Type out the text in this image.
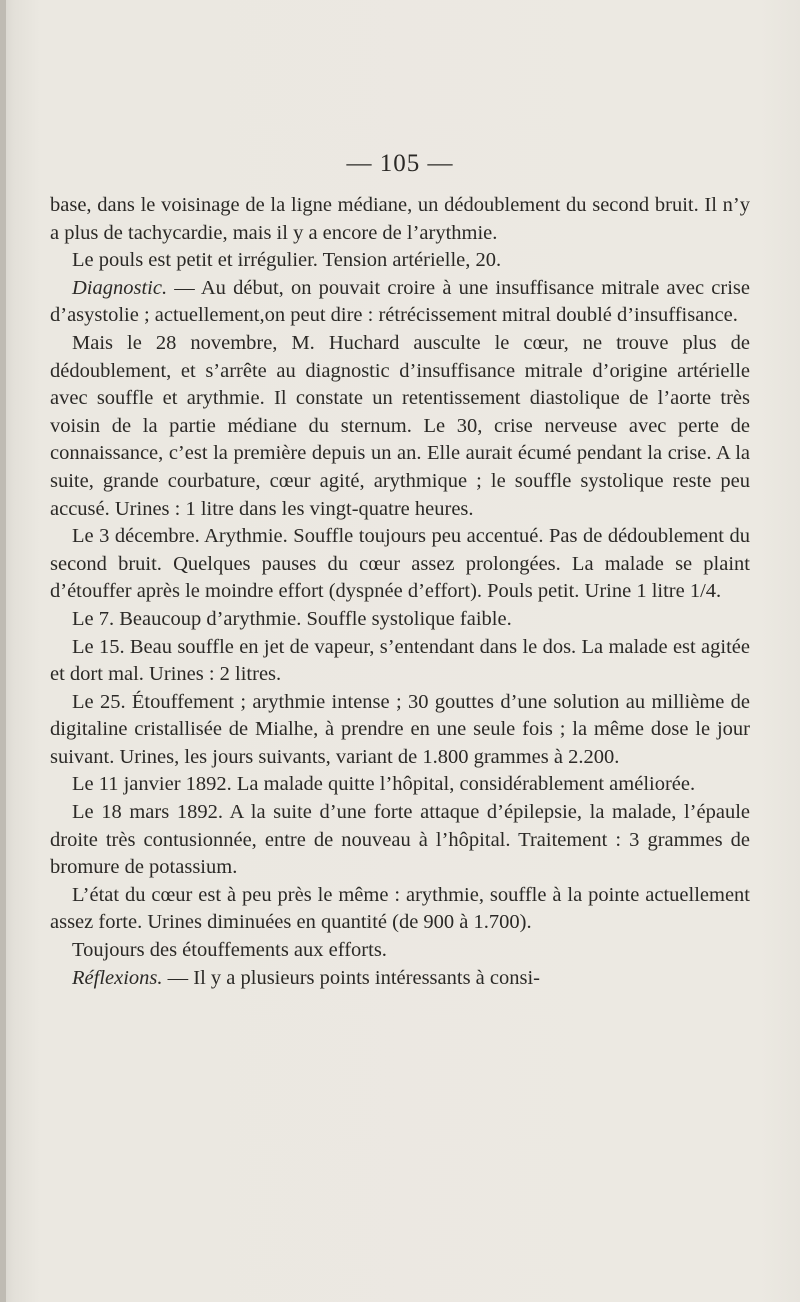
— 105 —

base, dans le voisinage de la ligne médiane, un dédoublement du second bruit. Il n’y a plus de tachycardie, mais il y a encore de l’arythmie.

Le pouls est petit et irrégulier. Tension artérielle, 20.

Diagnostic. — Au début, on pouvait croire à une insuffisance mitrale avec crise d’asystolie ; actuellement,on peut dire : rétrécissement mitral doublé d’insuffisance.

Mais le 28 novembre, M. Huchard ausculte le cœur, ne trouve plus de dédoublement, et s’arrête au diagnostic d’insuffisance mitrale d’origine artérielle avec souffle et arythmie. Il constate un retentissement diastolique de l’aorte très voisin de la partie médiane du sternum. Le 30, crise nerveuse avec perte de connaissance, c’est la première depuis un an. Elle aurait écumé pendant la crise. A la suite, grande courbature, cœur agité, arythmique ; le souffle systolique reste peu accusé. Urines : 1 litre dans les vingt-quatre heures.

Le 3 décembre. Arythmie. Souffle toujours peu accentué. Pas de dédoublement du second bruit. Quelques pauses du cœur assez prolongées. La malade se plaint d’étouffer après le moindre effort (dyspnée d’effort). Pouls petit. Urine 1 litre 1/4.

Le 7. Beaucoup d’arythmie. Souffle systolique faible.

Le 15. Beau souffle en jet de vapeur, s’entendant dans le dos. La malade est agitée et dort mal. Urines : 2 litres.

Le 25. Étouffement ; arythmie intense ; 30 gouttes d’une solution au millième de digitaline cristallisée de Mialhe, à prendre en une seule fois ; la même dose le jour suivant. Urines, les jours suivants, variant de 1.800 grammes à 2.200.

Le 11 janvier 1892. La malade quitte l’hôpital, considérablement améliorée.

Le 18 mars 1892. A la suite d’une forte attaque d’épilepsie, la malade, l’épaule droite très contusionnée, entre de nouveau à l’hôpital. Traitement : 3 grammes de bromure de potassium.

L’état du cœur est à peu près le même : arythmie, souffle à la pointe actuellement assez forte. Urines diminuées en quantité (de 900 à 1.700).

Toujours des étouffements aux efforts.

Réflexions. — Il y a plusieurs points intéressants à consi-
